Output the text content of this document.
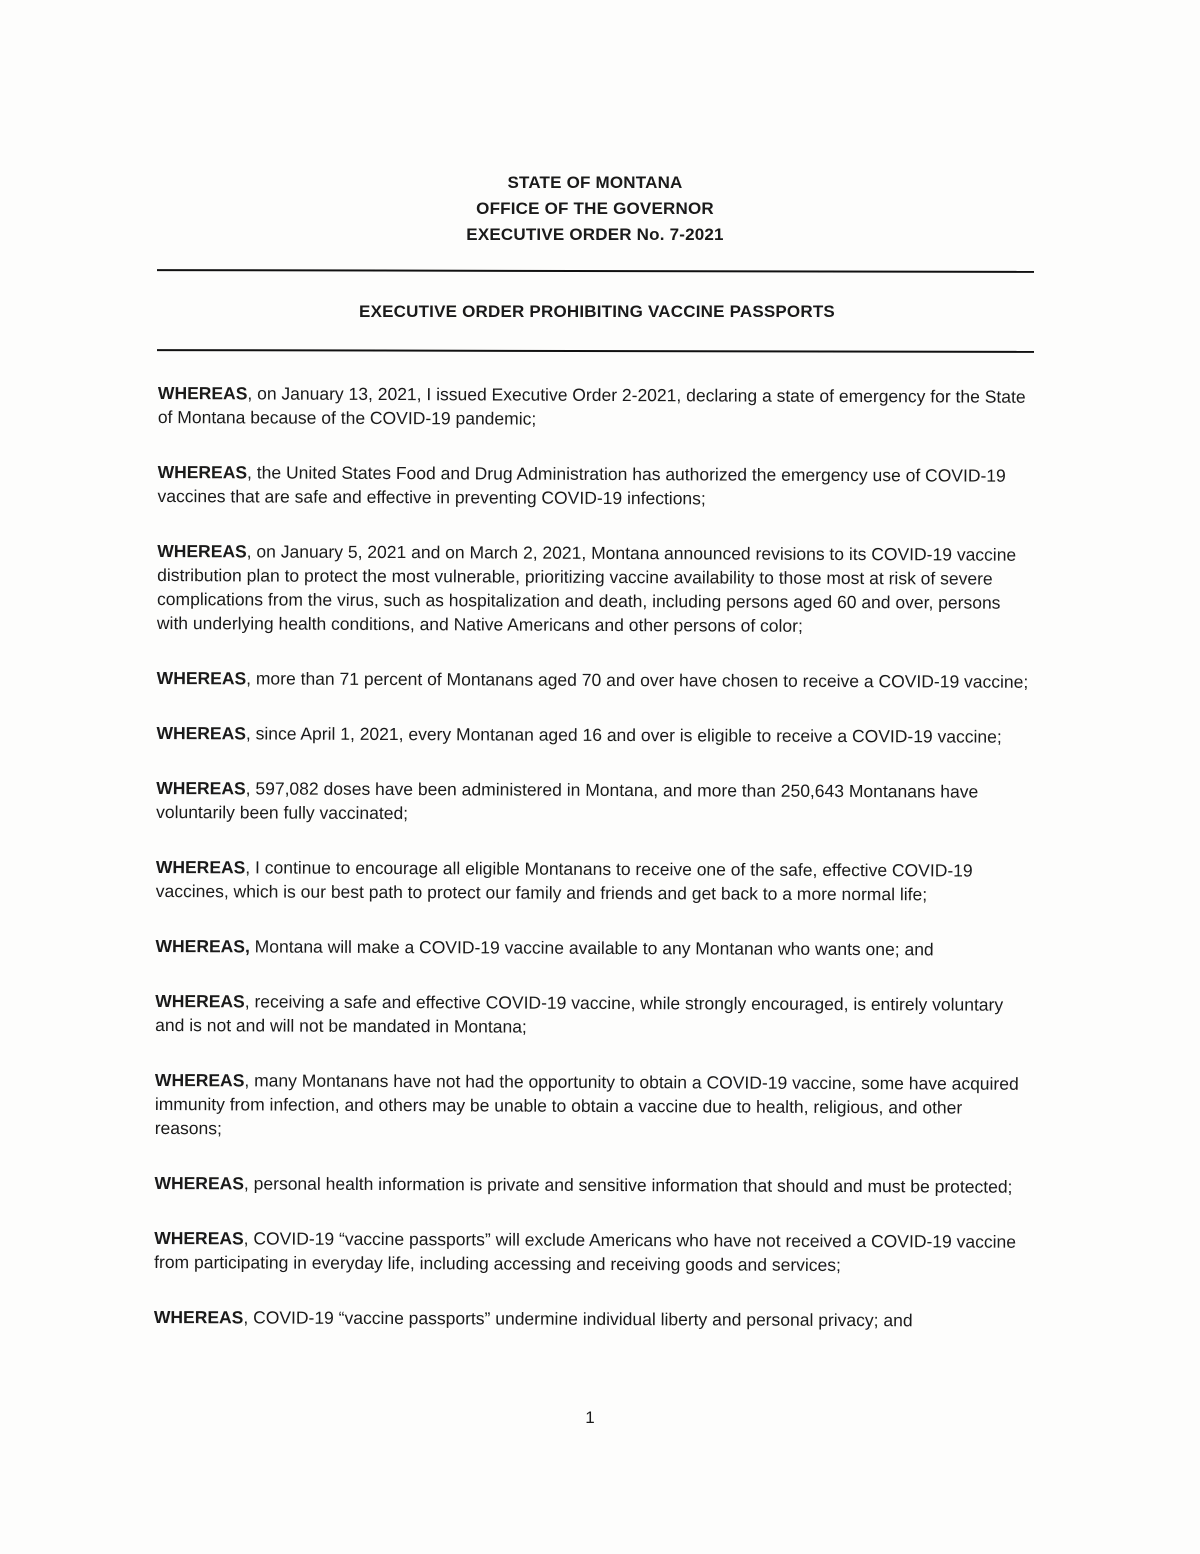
STATE OF MONTANA
OFFICE OF THE GOVERNOR
EXECUTIVE ORDER No. 7-2021
EXECUTIVE ORDER PROHIBITING VACCINE PASSPORTS

WHEREAS, on January 13, 2021, I issued Executive Order 2-2021, declaring a state of emergency for the State of Montana because of the COVID-19 pandemic;

WHEREAS, the United States Food and Drug Administration has authorized the emergency use of COVID-19 vaccines that are safe and effective in preventing COVID-19 infections;

WHEREAS, on January 5, 2021 and on March 2, 2021, Montana announced revisions to its COVID-19 vaccine distribution plan to protect the most vulnerable, prioritizing vaccine availability to those most at risk of severe complications from the virus, such as hospitalization and death, including persons aged 60 and over, persons with underlying health conditions, and Native Americans and other persons of color;

WHEREAS, more than 71 percent of Montanans aged 70 and over have chosen to receive a COVID-19 vaccine;

WHEREAS, since April 1, 2021, every Montanan aged 16 and over is eligible to receive a COVID-19 vaccine;

WHEREAS, 597,082 doses have been administered in Montana, and more than 250,643 Montanans have voluntarily been fully vaccinated;

WHEREAS, I continue to encourage all eligible Montanans to receive one of the safe, effective COVID-19 vaccines, which is our best path to protect our family and friends and get back to a more normal life;

WHEREAS, Montana will make a COVID-19 vaccine available to any Montanan who wants one; and

WHEREAS, receiving a safe and effective COVID-19 vaccine, while strongly encouraged, is entirely voluntary and is not and will not be mandated in Montana;

WHEREAS, many Montanans have not had the opportunity to obtain a COVID-19 vaccine, some have acquired immunity from infection, and others may be unable to obtain a vaccine due to health, religious, and other reasons;

WHEREAS, personal health information is private and sensitive information that should and must be protected;

WHEREAS, COVID-19 “vaccine passports” will exclude Americans who have not received a COVID-19 vaccine from participating in everyday life, including accessing and receiving goods and services;

WHEREAS, COVID-19 “vaccine passports” undermine individual liberty and personal privacy; and

1
